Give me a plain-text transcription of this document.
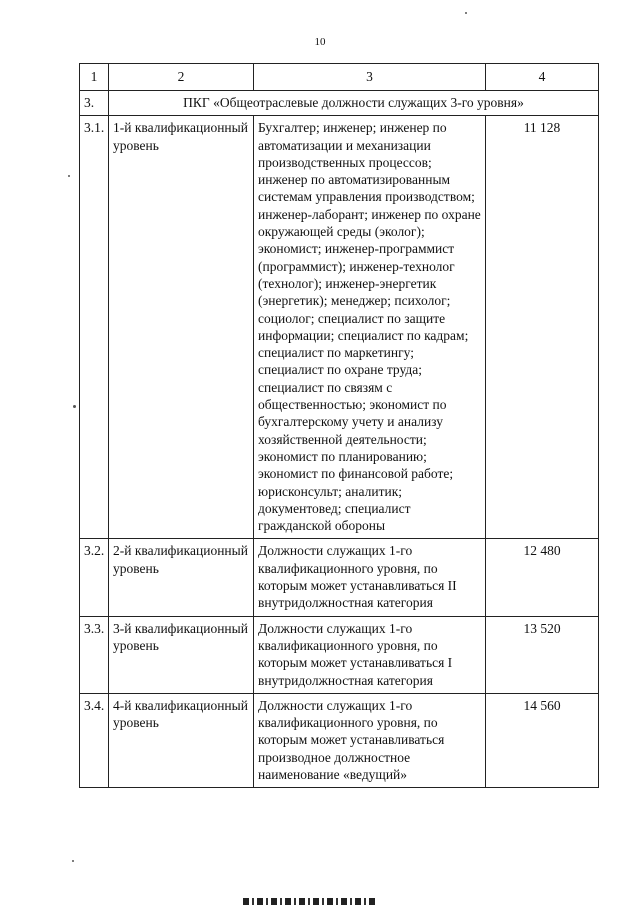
10
1	2	3	4
3.	ПКГ «Общеотраслевые должности служащих 3-го уровня»		
3.1.	1-й квалификационный уровень	Бухгалтер; инженер; инженер по автоматизации и механизации производственных процессов; инженер по автоматизированным системам управления производством; инженер-лаборант; инженер по охране окружающей среды (эколог); экономист; инженер-программист (программист); инженер-технолог (технолог); инженер-энергетик (энергетик); менеджер; психолог; социолог; специалист по защите информации; специалист по кадрам; специалист по маркетингу; специалист по охране труда; специалист по связям с общественностью; экономист по бухгалтерскому учету и анализу хозяйственной деятельности; экономист по планированию; экономист по финансовой работе; юрисконсульт; аналитик; документовед; специалист гражданской обороны	11 128
3.2.	2-й квалификационный уровень	Должности служащих 1-го квалификационного уровня, по которым может устанавливаться II внутридолжностная категория	12 480
3.3.	3-й квалификационный уровень	Должности служащих 1-го квалификационного уровня, по которым может устанавливаться I внутридолжностная категория	13 520
3.4.	4-й квалификационный уровень	Должности служащих 1-го квалификационного уровня, по которым может устанавливаться производное должностное наименование «ведущий»	14 560
